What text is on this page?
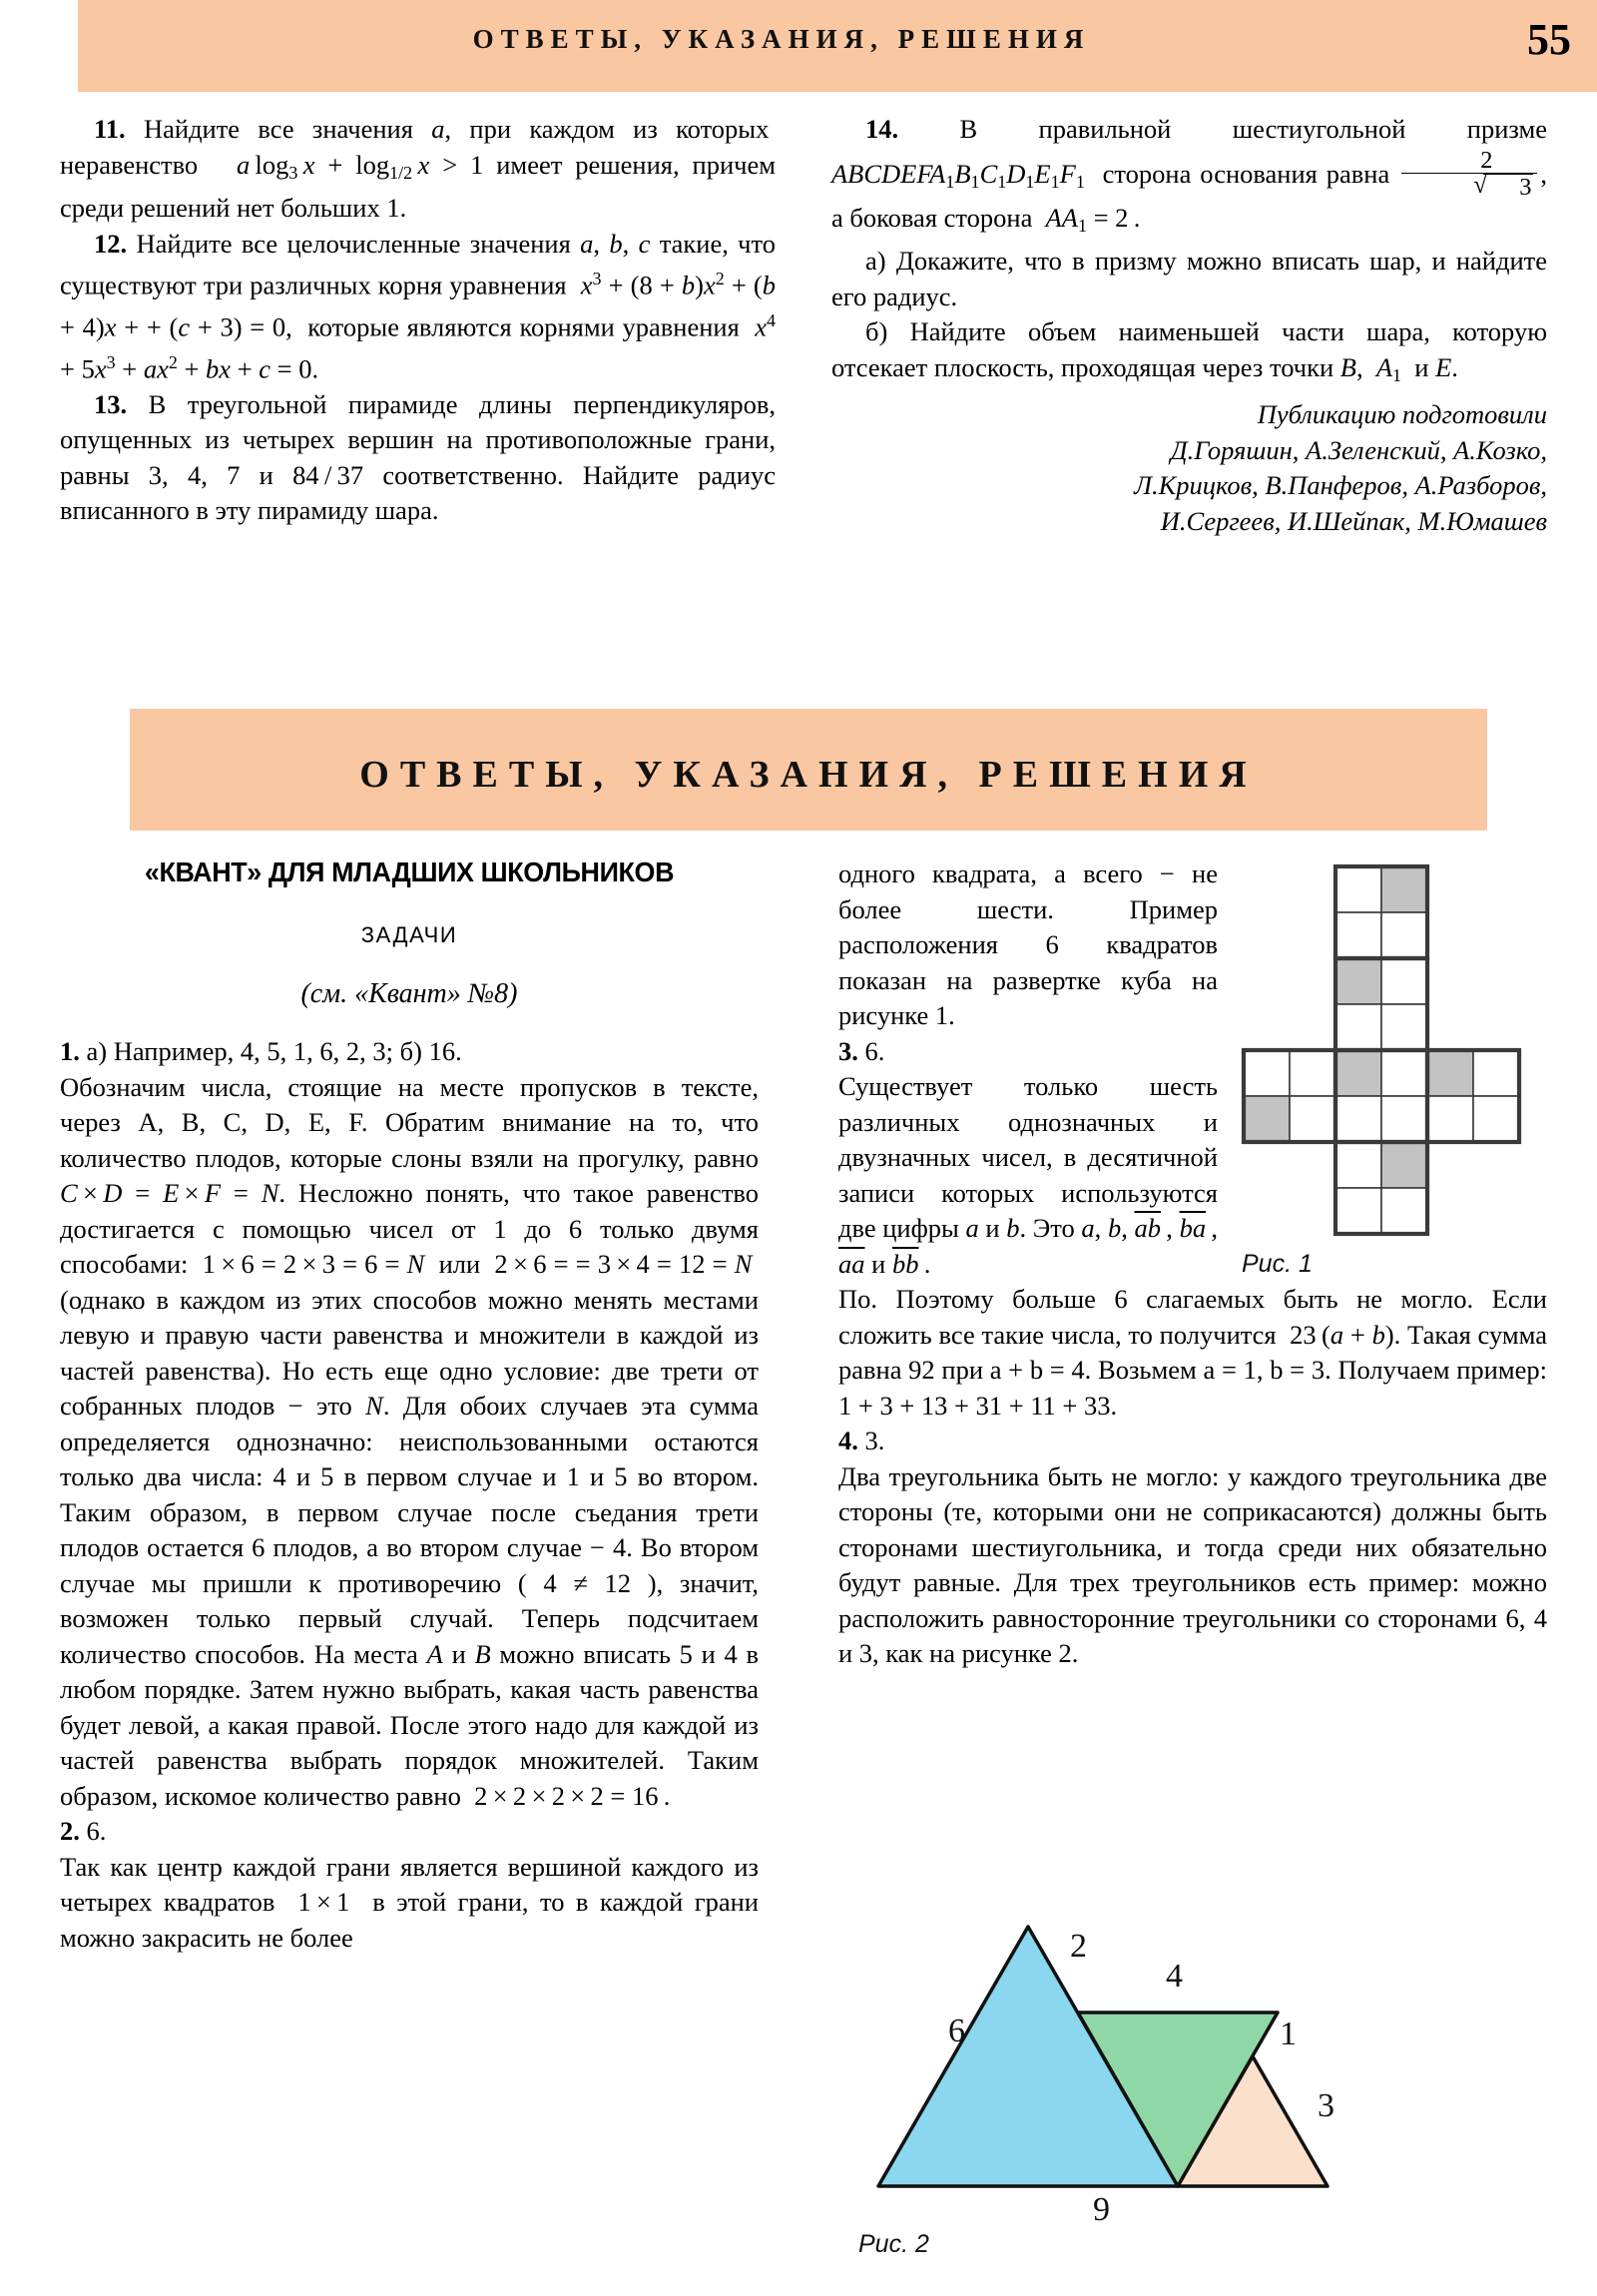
ОТВЕТЫ, УКАЗАНИЯ, РЕШЕНИЯ	55

11. Найдите все значения a, при каждом из которых  неравенство   a log3  x + log1/2  x > 1 имеет решения, причем среди решений нет больших 1.

12. Найдите все целочисленные значения a, b, c такие, что существуют три различных корня уравнения  $x^3 + (8 + b)x^2 + (b + 4)x$ + + (c + 3) = 0,  которые являются корнями уравнения  $x^4 + 5x^3 + ax^2$ + bx + c = 0.

13. В треугольной пирамиде длины перпендикуляров, опущенных из четырех вершин на противоположные грани, равны 3, 4, 7 и 84 / 37 соответственно. Найдите радиус вписанного в эту пирамиду шара.

14. В правильной шестиугольной призме ABCDEFA1B1C1D1E1F1  сторона основания равна 2
√ 3 , а боковая сторона  AA1 = 2 .

а) Докажите, что в призму можно вписать шар, и найдите его радиус.

б) Найдите объем наименьшей части шара, которую отсекает плоскость, проходящая через точки B,  A1  и E.

Публикацию подготовили
Д.Горяшин, А.Зеленский, А.Козко,
Л.Крицков, В.Панферов, А.Разборов,
И.Сергеев, И.Шейпак, М.Юмашев
ОТВЕТЫ, УКАЗАНИЯ, РЕШЕНИЯ
«КВАНТ» ДЛЯ МЛАДШИХ ШКОЛЬНИКОВ
ЗАДАЧИ
(см. «Квант» №8)

1. а) Например, 4, 5, 1, 6, 2, 3; б) 16.
Обозначим числа, стоящие на месте пропусков в тексте, через A, B, C, D, E, F. Обратим внимание на то, что количество плодов, которые слоны взяли на прогулку, равно C × D = E × F = N. Несложно понять, что такое равенство достигается с помощью чисел от 1 до 6 только двумя способами:  1 × 6 = 2 × 3 = 6 = N или  2 × 6 = = 3 × 4 = 12 = N  (однако в каждом из этих способов можно менять местами левую и правую части равенства и множители в каждой из частей равенства). Но есть еще одно условие: две трети от собранных плодов − это N. Для обоих случаев эта сумма определяется однозначно: неиспользованными остаются только два числа: 4 и 5 в первом случае и 1 и 5 во втором. Таким образом, в первом случае после съедания трети плодов остается 6 плодов, а во втором случае − 4. Во втором случае мы пришли к противоречию ( 4 ≠ 12 ), значит, возможен только первый случай. Теперь подсчитаем количество способов. На места A и B можно вписать 5 и 4 в любом порядке. Затем нужно выбрать, какая часть равенства будет левой, а какая правой. После этого надо для каждой из частей равенства выбрать порядок множителей. Таким образом, искомое количество равно  2 × 2 × 2 × 2 = 16 .

2. 6.
Так как центр каждой грани является вершиной каждого из четырех квадратов  1 × 1  в этой грани, то в каждой грани можно закрасить не более

одного квадрата, а всего − не более шести. Пример расположения 6 квадратов показан на развертке куба на рисунке 1.
3. 6.
Существует только шесть различных однозначных и двузначных чисел, в десятичной записи которых используются две цифры a и b. Это a, b, $\overline{ab}$ , $\overline{ba}$ , $\overline{aa}$ и $\overline{bb}$ .
По. Поэтому больше 6 слагаемых быть не могло. Если сложить все такие числа, то получится  23 (a + b). Такая сумма равна 92 при a + b = 4. Возьмем a = 1, b = 3. Получаем пример: 1 + 3 + 13 + 31 + 11 + 33.
4. 3.
Два треугольника быть не могло: у каждого треугольника две стороны (те, которыми они не соприкасаются) должны быть сторонами шестиугольника, и тогда среди них обязательно будут равные. Для трех треугольников есть пример: можно расположить равносторонние треугольники со сторонами 6, 4 и 3, как на рисунке 2.
Рис. 1
6
2
4
1
3
9
Рис. 2
